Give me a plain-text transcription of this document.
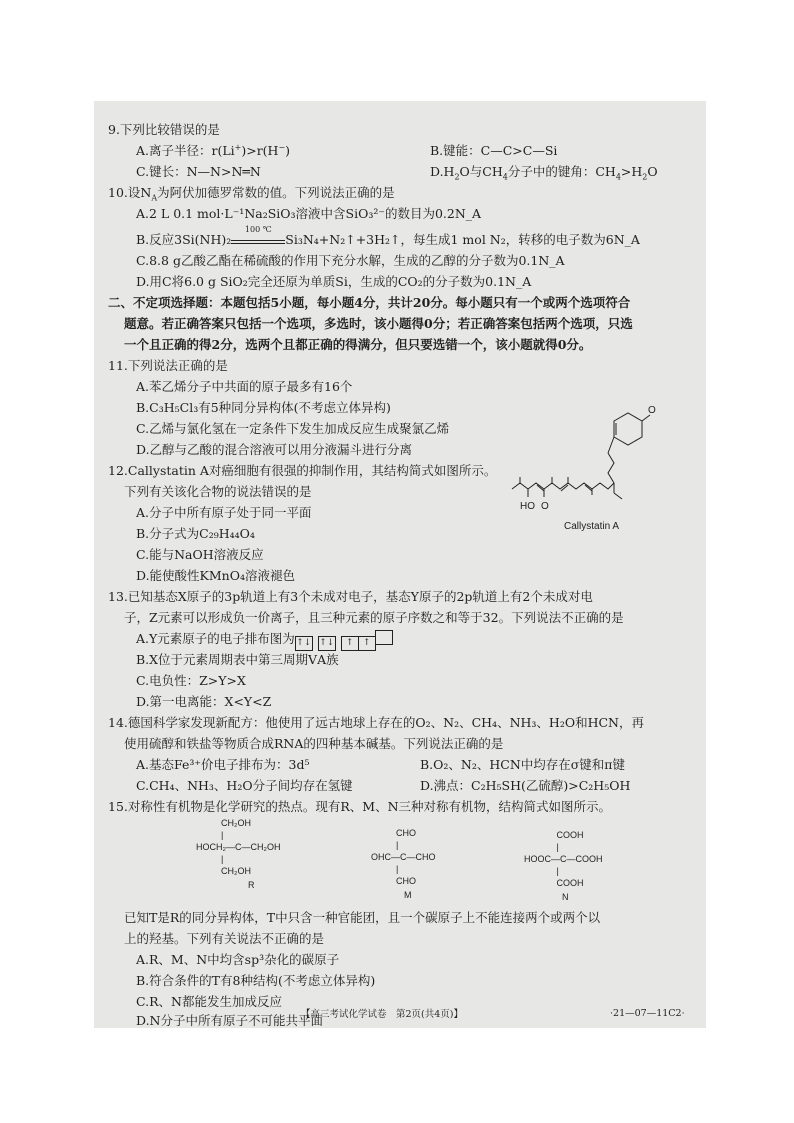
9.下列比较错误的是
A.离子半径：r(Li+)>r(H−)	B.键能：C—C>C—Si
C.键长：N—N>N═N	$D.H_2O$与$CH_4$分子中的键角：$CH_4>H_2O$
10.设$N_A$为阿伏加德罗常数的值。下列说法正确的是
A.2 L 0.1 mol·L⁻¹Na₂SiO₃溶液中含SiO₃²⁻的数目为0.2N_A
B.反应3Si(NH)₂
100 ℃
Si₃N₄+N₂↑+3H₂↑，每生成1 mol N₂，转移的电子数为6N_A
C.8.8 g乙酸乙酯在稀硫酸的作用下充分水解，生成的乙醇的分子数为0.1N_A
D.用C将6.0 g SiO₂完全还原为单质Si，生成的CO₂的分子数为0.1N_A
二、不定项选择题：本题包括5小题，每小题4分，共计20分。每小题只有一个或两个选项符合
题意。若正确答案只包括一个选项，多选时，该小题得0分；若正确答案包括两个选项，只选
一个且正确的得2分，选两个且都正确的得满分，但只要选错一个，该小题就得0分。
11.下列说法正确的是
A.苯乙烯分子中共面的原子最多有16个
B.C₃H₅Cl₃有5种同分异构体(不考虑立体异构)
C.乙烯与氯化氢在一定条件下发生加成反应生成聚氯乙烯
D.乙醇与乙酸的混合溶液可以用分液漏斗进行分离
12.Callystatin A对癌细胞有很强的抑制作用，其结构简式如图所示。
下列有关该化合物的说法错误的是
A.分子中所有原子处于同一平面
B.分子式为C₂₉H₄₄O₄
C.能与NaOH溶液反应
D.能使酸性KMnO₄溶液褪色
O
HO O
Callystatin A
13.已知基态X原子的3p轨道上有3个未成对电子，基态Y原子的2p轨道上有2个未成对电
子，Z元素可以形成负一价离子，且三种元素的原子序数之和等于32。下列说法不正确的是
A.Y元素原子的电子排布图为↑↓ ↑↓ ↑ ↑
B.X位于元素周期表中第三周期ⅤA族
C.电负性：Z>Y>X
D.第一电离能：X<Y<Z
14.德国科学家发现新配方：他使用了远古地球上存在的O₂、N₂、CH₄、NH₃、H₂O和HCN，再
使用硫醇和铁盐等物质合成RNA的四种基本碱基。下列说法正确的是
A.基态Fe³⁺价电子排布为：3d⁵	B.O₂、N₂、HCN中均存在σ键和π键
C.CH₄、NH₃、H₂O分子间均存在氢键	D.沸点：C₂H₅SH(乙硫醇)>C₂H₅OH
15.对称性有机物是化学研究的热点。现有R、M、N三种对称有机物，结构简式如图所示。
CH₂OH
|
HOCH₂—C—CH₂OH
|
CH₂OH
R
CHO
|
OHC—C—CHO
|
CHO
M
COOH
|
HOOC—C—COOH
|
COOH
N
已知T是R的同分异构体，T中只含一种官能团，且一个碳原子上不能连接两个或两个以
上的羟基。下列有关说法不正确的是
A.R、M、N中均含sp³杂化的碳原子
B.符合条件的T有8种结构(不考虑立体异构)
C.R、N都能发生加成反应
D.N分子中所有原子不可能共平面
【高三考试化学试卷　第2页(共4页)】	·21—07—11C2·
